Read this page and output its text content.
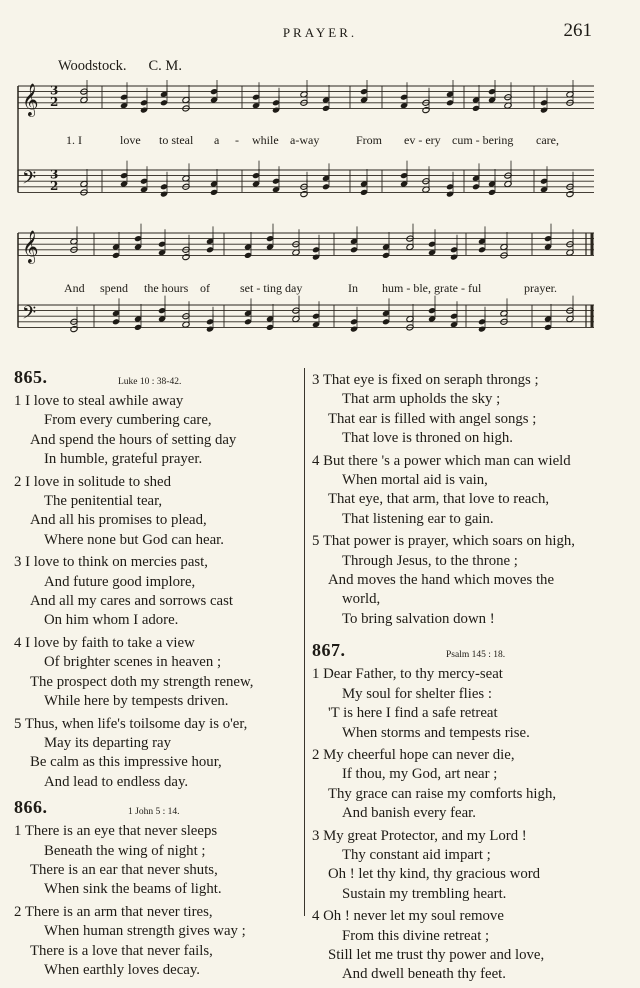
PRAYER.	261
Woodstock. C. M.
𝄞
𝄢
𝄞
𝄢
3
2
3
2
1. I	love to steal a - while a-way	From ev - ery cum - bering care,
And spend the hours of	set - ting day	In hum - ble, grate - ful	prayer.
865.	Luke 10 : 38-42.
1 I love to steal awhile away
From every cumbering care,
And spend the hours of setting day
In humble, grateful prayer.
2 I love in solitude to shed
The penitential tear,
And all his promises to plead,
Where none but God can hear.
3 I love to think on mercies past,
And future good implore,
And all my cares and sorrows cast
On him whom I adore.
4 I love by faith to take a view
Of brighter scenes in heaven ;
The prospect doth my strength renew,
While here by tempests driven.
5 Thus, when life's toilsome day is o'er,
May its departing ray
Be calm as this impressive hour,
And lead to endless day.
866.	1 John 5 : 14.
1 There is an eye that never sleeps
Beneath the wing of night ;
There is an ear that never shuts,
When sink the beams of light.
2 There is an arm that never tires,
When human strength gives way ;
There is a love that never fails,
When earthly loves decay.
3 That eye is fixed on seraph throngs ;
That arm upholds the sky ;
That ear is filled with angel songs ;
That love is throned on high.
4 But there 's a power which man can wield
When mortal aid is vain,
That eye, that arm, that love to reach,
That listening ear to gain.
5 That power is prayer, which soars on high,
Through Jesus, to the throne ;
And moves the hand which moves the
world,
To bring salvation down !
867.	Psalm 145 : 18.
1 Dear Father, to thy mercy-seat
My soul for shelter flies :
'T is here I find a safe retreat
When storms and tempests rise.
2 My cheerful hope can never die,
If thou, my God, art near ;
Thy grace can raise my comforts high,
And banish every fear.
3 My great Protector, and my Lord !
Thy constant aid impart ;
Oh ! let thy kind, thy gracious word
Sustain my trembling heart.
4 Oh ! never let my soul remove
From this divine retreat ;
Still let me trust thy power and love,
And dwell beneath thy feet.
